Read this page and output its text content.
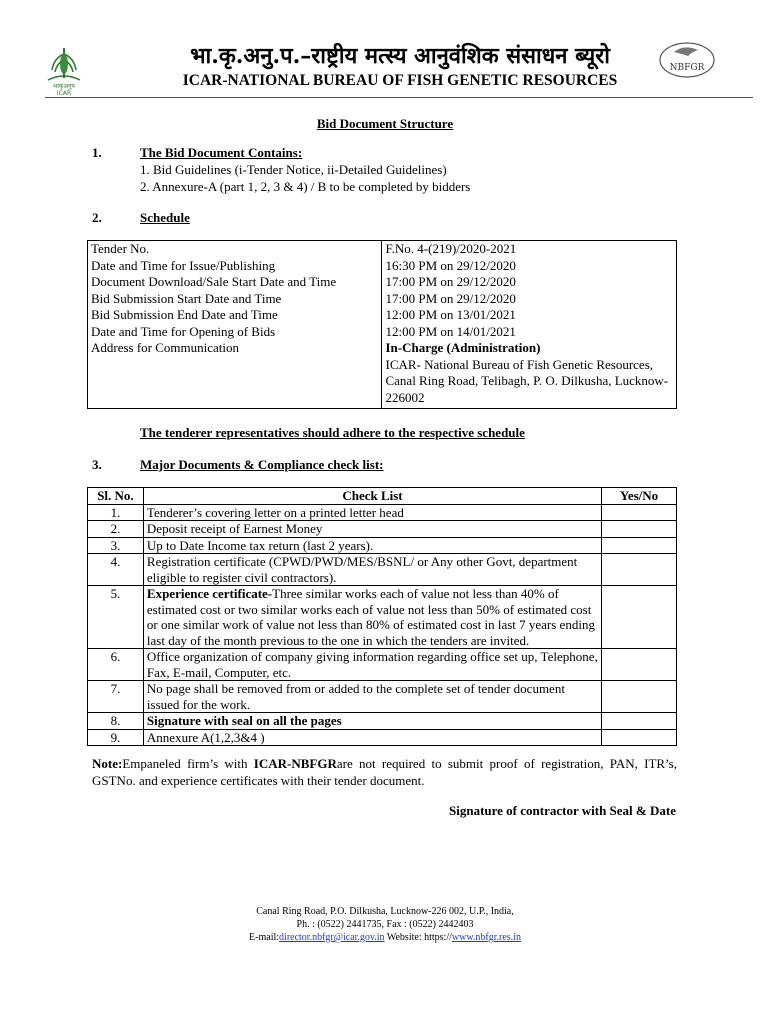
भाकृअनुप
ICAR
NBFGR
भा.कृ.अनु.प.–राष्ट्रीय मत्स्य आनुवंशिक संसाधन ब्यूरो
ICAR-NATIONAL BUREAU OF FISH GENETIC RESOURCES
Bid Document Structure
1.	The Bid Document Contains:
1. Bid Guidelines (i-Tender Notice, ii-Detailed Guidelines)
2. Annexure-A (part 1, 2, 3 & 4) / B to be completed by bidders
2.	Schedule
Tender No.	F.No. 4-(219)/2020-2021
Date and Time for Issue/Publishing	16:30 PM on 29/12/2020
Document Download/Sale Start Date and Time	17:00 PM on 29/12/2020
Bid Submission Start Date and Time	17:00 PM on 29/12/2020
Bid Submission End Date and Time	12:00 PM on 13/01/2021
Date and Time for Opening of Bids	12:00 PM on 14/01/2021
Address for Communication	In-Charge (Administration)
ICAR- National Bureau of Fish Genetic Resources, Canal Ring Road, Telibagh, P. O. Dilkusha, Lucknow-226002
The tenderer representatives should adhere to the respective schedule
3.	Major Documents & Compliance check list:
Sl. No.	Check List	Yes/No
1.	Tenderer’s covering letter on a printed letter head	
2.	Deposit receipt of Earnest Money	
3.	Up to Date Income tax return (last 2 years).	
4.	Registration certificate (CPWD/PWD/MES/BSNL/ or Any other Govt, department eligible to register civil contractors).	
5.	Experience certificate-Three similar works each of value not less than 40% of estimated cost or two similar works each of value not less than 50% of estimated cost or one similar work of value not less than 80% of estimated cost in last 7 years ending last day of the month previous to the one in which the tenders are invited.	
6.	Office organization of company giving information regarding office set up, Telephone, Fax, E-mail, Computer, etc.	
7.	No page shall be removed from or added to the complete set of tender document issued for the work.	
8.	Signature with seal on all the pages	
9.	Annexure A(1,2,3&4 )	
Note:Empaneled firm’s with ICAR-NBFGRare not required to submit proof of registration, PAN, ITR’s, GSTNo. and experience certificates with their tender document.
Signature of contractor with Seal & Date
Canal Ring Road, P.O. Dilkusha, Lucknow-226 002, U.P., India,
Ph. : (0522) 2441735, Fax : (0522) 2442403
E-mail:director.nbfgr@icar.gov.in Website: https://www.nbfgr.res.in
